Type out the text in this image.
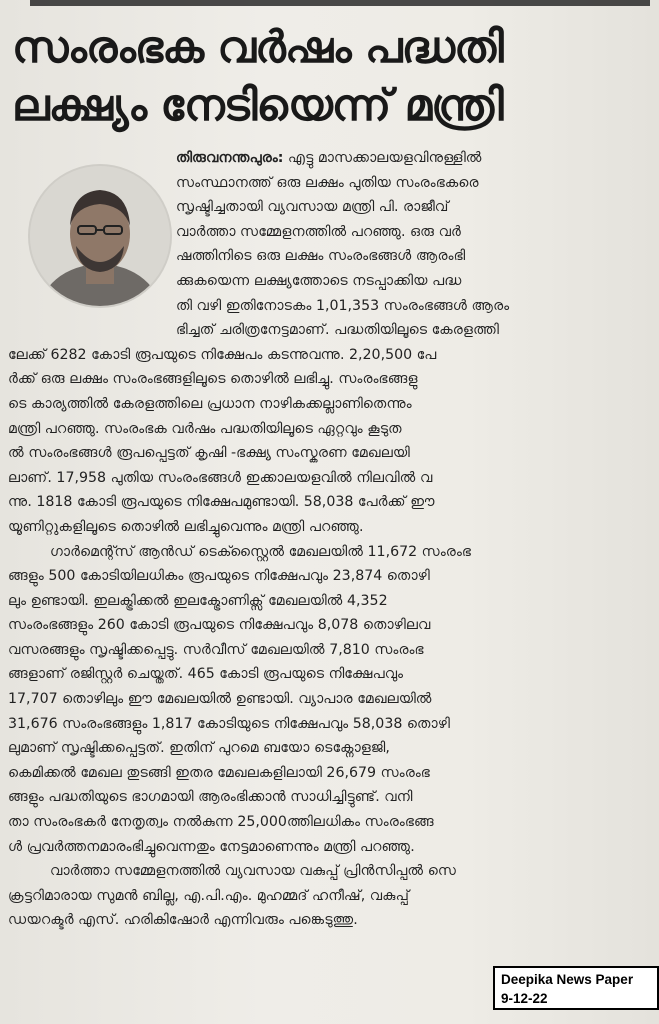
സംരംഭക വർഷം പദ്ധതി
ലക്ഷ്യം നേടിയെന്ന് മന്ത്രി
തിരുവനന്തപുരം: എട്ടു മാസക്കാലയളവിനുള്ളിൽ
സംസ്ഥാനത്ത് ഒരു ലക്ഷം പുതിയ സംരംഭകരെ
സൃഷ്ടിച്ചതായി വ്യവസായ മന്ത്രി പി. രാജീവ്
വാർത്താ സമ്മേളനത്തിൽ പറഞ്ഞു. ഒരു വർ
ഷത്തിനിടെ ഒരു ലക്ഷം സംരംഭങ്ങൾ ആരംഭി
ക്കുകയെന്ന ലക്ഷ്യത്തോടെ നടപ്പാക്കിയ പദ്ധ
തി വഴി ഇതിനോടകം 1,01,353 സംരംഭങ്ങൾ ആരം
ഭിച്ചത് ചരിത്രനേട്ടമാണ്. പദ്ധതിയിലൂടെ കേരളത്തി
ലേക്ക് 6282 കോടി രൂപയുടെ നിക്ഷേപം കടന്നുവന്നു. 2,20,500 പേ
ർക്ക് ഒരു ലക്ഷം സംരംഭങ്ങളിലൂടെ തൊഴിൽ ലഭിച്ചു. സംരംഭങ്ങളു
ടെ കാര്യത്തിൽ കേരളത്തിലെ പ്രധാന നാഴികക്കല്ലാണിതെന്നും
മന്ത്രി പറഞ്ഞു. സംരംഭക വർഷം പദ്ധതിയിലൂടെ ഏറ്റവും കൂടുത
ൽ സംരംഭങ്ങൾ രൂപപ്പെട്ടത് കൃഷി -ഭക്ഷ്യ സംസ്കരണ മേഖലയി
ലാണ്. 17,958 പുതിയ സംരംഭങ്ങൾ ഇക്കാലയളവിൽ നിലവിൽ വ
ന്നു. 1818 കോടി രൂപയുടെ നിക്ഷേപമുണ്ടായി. 58,038 പേർക്ക് ഈ
യൂണിറ്റുകളിലൂടെ തൊഴിൽ ലഭിച്ചുവെന്നും മന്ത്രി പറഞ്ഞു.
ഗാർമെന്റ്സ് ആൻഡ് ടെക്സ്റ്റൈൽ മേഖലയിൽ 11,672 സംരംഭ
ങ്ങളും 500 കോടിയിലധികം രൂപയുടെ നിക്ഷേപവും 23,874 തൊഴി
ലും ഉണ്ടായി. ഇലക്ട്രിക്കൽ ഇലക്ട്രോണിക്സ് മേഖലയിൽ 4,352
സംരംഭങ്ങളും 260 കോടി രൂപയുടെ നിക്ഷേപവും 8,078 തൊഴിലവ
വസരങ്ങളും സൃഷ്ടിക്കപ്പെട്ടു. സർവീസ് മേഖലയിൽ 7,810 സംരംഭ
ങ്ങളാണ് രജിസ്റ്റർ ചെയ്തത്. 465 കോടി രൂപയുടെ നിക്ഷേപവും
17,707 തൊഴിലും ഈ മേഖലയിൽ ഉണ്ടായി. വ്യാപാര മേഖലയിൽ
31,676 സംരംഭങ്ങളും 1,817 കോടിയുടെ നിക്ഷേപവും 58,038 തൊഴി
ലുമാണ് സൃഷ്ടിക്കപ്പെട്ടത്. ഇതിന് പുറമെ ബയോ ടെക്നോളജി,
കെമിക്കൽ മേഖല തുടങ്ങി ഇതര മേഖലകളിലായി 26,679 സംരംഭ
ങ്ങളും പദ്ധതിയുടെ ഭാഗമായി ആരംഭിക്കാൻ സാധിച്ചിട്ടുണ്ട്. വനി
താ സംരംഭകർ നേതൃത്വം നൽകുന്ന 25,000ത്തിലധികം സംരംഭങ്ങ
ൾ പ്രവർത്തനമാരംഭിച്ചുവെന്നതും നേട്ടമാണെന്നും മന്ത്രി പറഞ്ഞു.
വാർത്താ സമ്മേളനത്തിൽ വ്യവസായ വകുപ്പ് പ്രിൻസിപ്പൽ സെ
ക്രട്ടറിമാരായ സുമൻ ബില്ല, എ.പി.എം. മുഹമ്മദ് ഹനീഷ്, വകുപ്പ്
ഡയറക്ടർ എസ്. ഹരികിഷോർ എന്നിവരും പങ്കെടുത്തു.
Deepika News Paper
9-12-22
